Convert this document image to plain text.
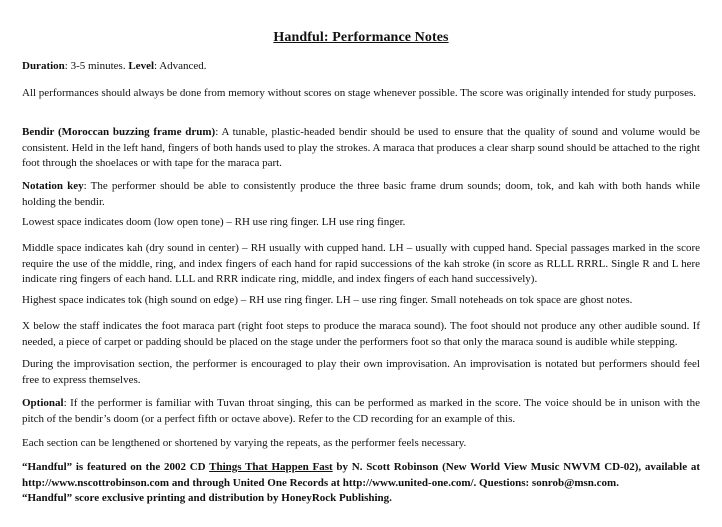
Handful: Performance Notes

Duration: 3-5 minutes. Level: Advanced.

All performances should always be done from memory without scores on stage whenever possible. The score was originally intended for study purposes.

Bendir (Moroccan buzzing frame drum): A tunable, plastic-headed bendir should be used to ensure that the quality of sound and volume would be consistent. Held in the left hand, fingers of both hands used to play the strokes. A maraca that produces a clear sharp sound should be attached to the right foot through the shoelaces or with tape for the maraca part.

Notation key: The performer should be able to consistently produce the three basic frame drum sounds; doom, tok, and kah with both hands while holding the bendir.

Lowest space indicates doom (low open tone) – RH use ring finger. LH use ring finger.

Middle space indicates kah (dry sound in center) – RH usually with cupped hand. LH – usually with cupped hand. Special passages marked in the score require the use of the middle, ring, and index fingers of each hand for rapid successions of the kah stroke (in score as RLLL RRRL. Single R and L here indicate ring fingers of each hand. LLL and RRR indicate ring, middle, and index fingers of each hand successively).

Highest space indicates tok (high sound on edge) – RH use ring finger. LH – use ring finger. Small noteheads on tok space are ghost notes.

X below the staff indicates the foot maraca part (right foot steps to produce the maraca sound). The foot should not produce any other audible sound. If needed, a piece of carpet or padding should be placed on the stage under the performers foot so that only the maraca sound is audible while stepping.

During the improvisation section, the performer is encouraged to play their own improvisation. An improvisation is notated but performers should feel free to express themselves.

Optional: If the performer is familiar with Tuvan throat singing, this can be performed as marked in the score. The voice should be in unison with the pitch of the bendir’s doom (or a perfect fifth or octave above). Refer to the CD recording for an example of this.

Each section can be lengthened or shortened by varying the repeats, as the performer feels necessary.

“Handful” is featured on the 2002 CD Things That Happen Fast by N. Scott Robinson (New World View Music NWVM CD-02), available at http://www.nscottrobinson.com and through United One Records at http://www.united-one.com/. Questions: sonrob@msn.com.
“Handful” score exclusive printing and distribution by HoneyRock Publishing.
